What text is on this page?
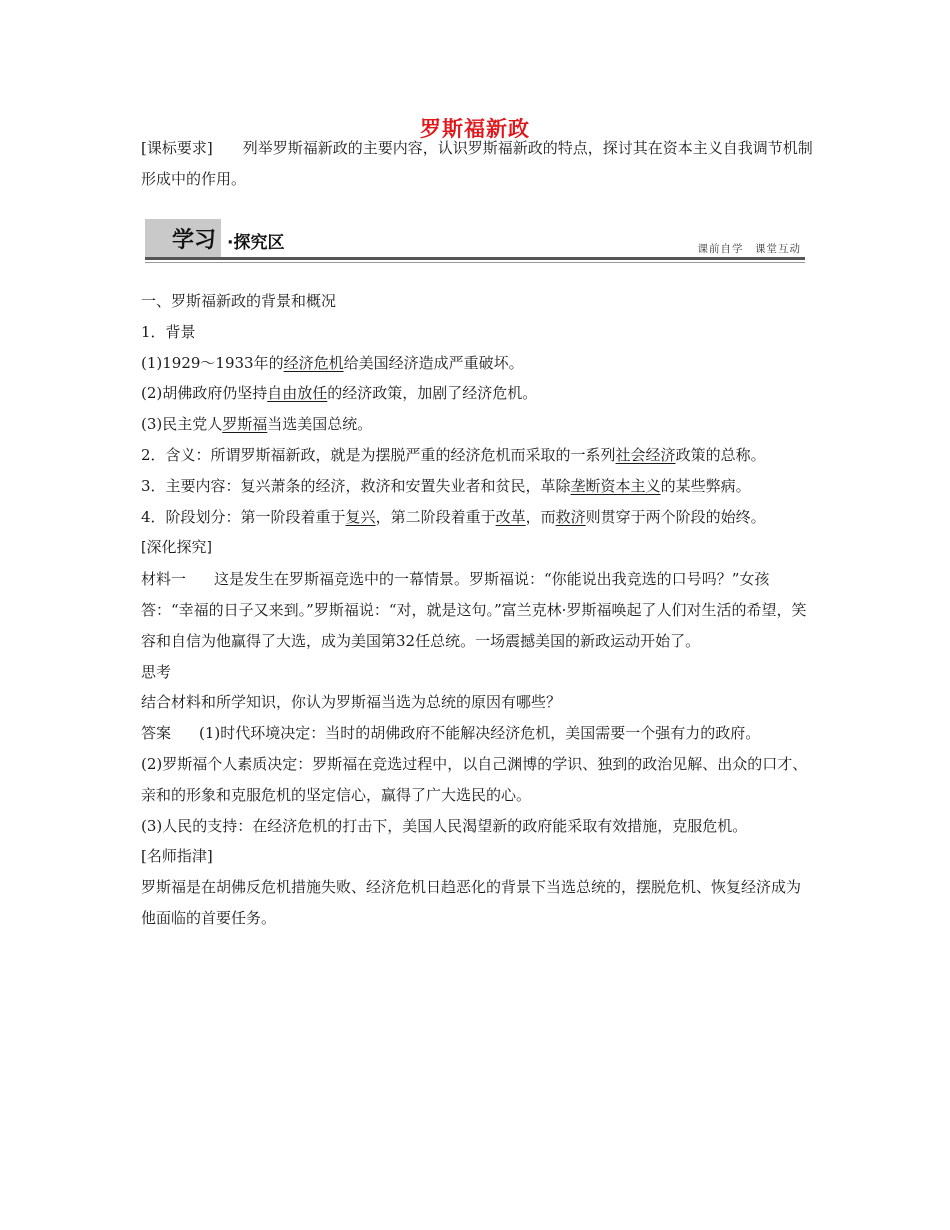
罗斯福新政
[课标要求] 列举罗斯福新政的主要内容，认识罗斯福新政的特点，探讨其在资本主义自我调节机制形成中的作用。
学习 ·探究区	课前自学　课堂互动

一、罗斯福新政的背景和概况

1．背景

(1)1929～1933年的经济危机给美国经济造成严重破坏。

(2)胡佛政府仍坚持自由放任的经济政策，加剧了经济危机。

(3)民主党人罗斯福当选美国总统。

2．含义：所谓罗斯福新政，就是为摆脱严重的经济危机而采取的一系列社会经济政策的总称。

3．主要内容：复兴萧条的经济，救济和安置失业者和贫民，革除垄断资本主义的某些弊病。

4．阶段划分：第一阶段着重于复兴，第二阶段着重于改革，而救济则贯穿于两个阶段的始终。

[深化探究]

材料一 这是发生在罗斯福竞选中的一幕情景。罗斯福说：“你能说出我竞选的口号吗？”女孩答：“幸福的日子又来到。”罗斯福说：“对，就是这句。”富兰克林·罗斯福唤起了人们对生活的希望，笑容和自信为他赢得了大选，成为美国第32任总统。一场震撼美国的新政运动开始了。

思考

结合材料和所学知识，你认为罗斯福当选为总统的原因有哪些？

答案 (1)时代环境决定：当时的胡佛政府不能解决经济危机，美国需要一个强有力的政府。

(2)罗斯福个人素质决定：罗斯福在竞选过程中，以自己渊博的学识、独到的政治见解、出众的口才、亲和的形象和克服危机的坚定信心，赢得了广大选民的心。

(3)人民的支持：在经济危机的打击下，美国人民渴望新的政府能采取有效措施，克服危机。

[名师指津]

罗斯福是在胡佛反危机措施失败、经济危机日趋恶化的背景下当选总统的，摆脱危机、恢复经济成为他面临的首要任务。
